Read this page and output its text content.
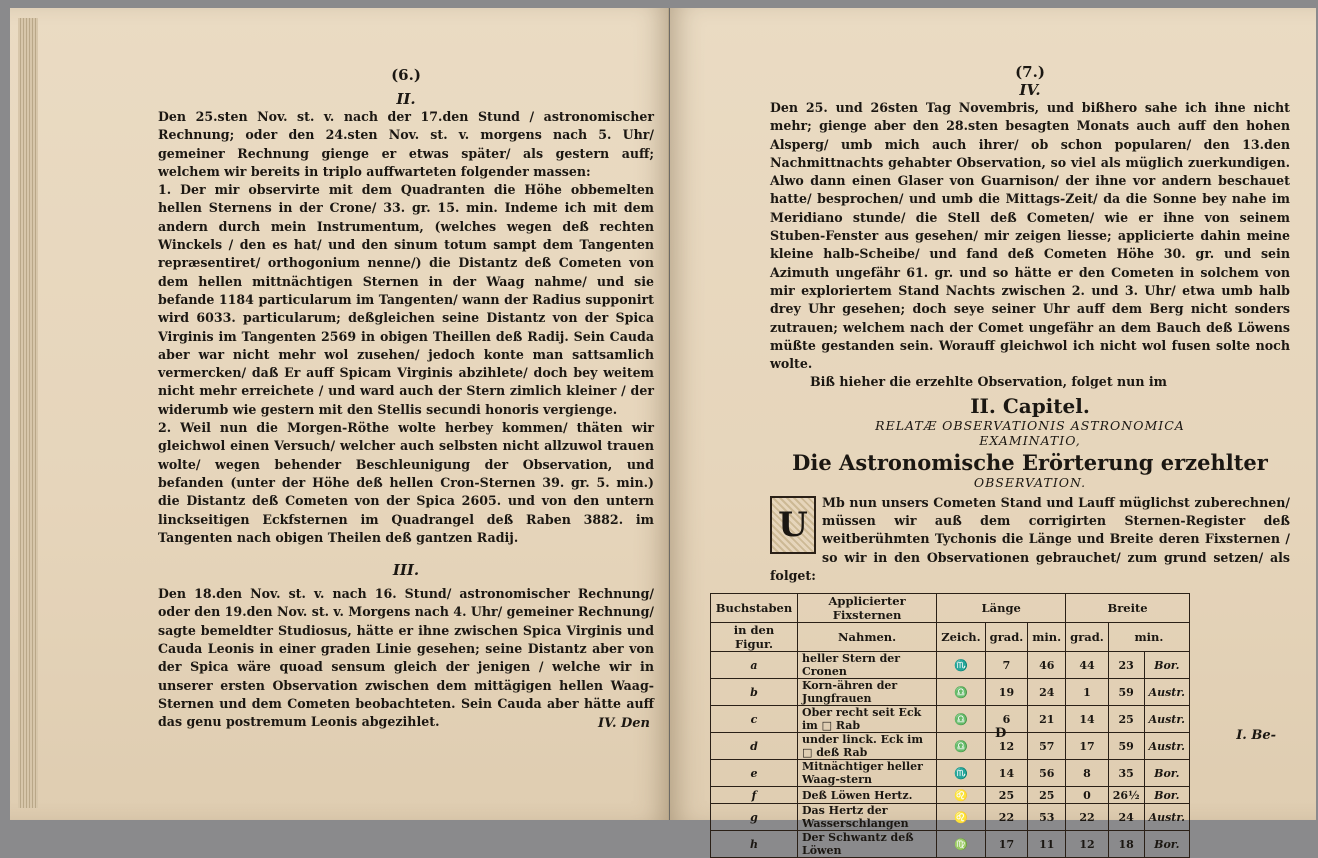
(6.)
II.

Den 25.sten Nov. st. v. nach der 17.den Stund / astronomischer Rechnung; oder den 24.sten Nov. st. v. morgens nach 5. Uhr/ gemeiner Rechnung gienge er etwas später/ als gestern auff; welchem wir bereits in triplo auffwarteten folgender massen:

1. Der mir observirte mit dem Quadranten die Höhe obbemelten hellen Sternens in der Crone/ 33. gr. 15. min. Indeme ich mit dem andern durch mein Instrumentum, (welches wegen deß rechten Winckels / den es hat/ und den sinum totum sampt dem Tangenten repræsentiret/ orthogonium nenne/) die Distantz deß Cometen von dem hellen mittnächtigen Sternen in der Waag nahme/ und sie befande 1184 particularum im Tangenten/ wann der Radius supponirt wird 6033. particularum; deßgleichen seine Distantz von der Spica Virginis im Tangenten 2569 in obigen Theillen deß Radij. Sein Cauda aber war nicht mehr wol zusehen/ jedoch konte man sattsamlich vermercken/ daß Er auff Spicam Virginis abzihlete/ doch bey weitem nicht mehr erreichete / und ward auch der Stern zimlich kleiner / der widerumb wie gestern mit den Stellis secundi honoris vergienge.

2. Weil nun die Morgen-Röthe wolte herbey kommen/ thäten wir gleichwol einen Versuch/ welcher auch selbsten nicht allzuwol trauen wolte/ wegen behender Beschleunigung der Observation, und befanden (unter der Höhe deß hellen Cron-Sternen 39. gr. 5. min.) die Distantz deß Cometen von der Spica 2605. und von den untern linckseitigen Eckfsternen im Quadrangel deß Raben 3882. im Tangenten nach obigen Theilen deß gantzen Radij.

III.

Den 18.den Nov. st. v. nach 16. Stund/ astronomischer Rechnung/ oder den 19.den Nov. st. v. Morgens nach 4. Uhr/ gemeiner Rechnung/ sagte bemeldter Studiosus, hätte er ihne zwischen Spica Virginis und Cauda Leonis in einer graden Linie gesehen; seine Distantz aber von der Spica wäre quoad sensum gleich der jenigen / welche wir in unserer ersten Observation zwischen dem mittägigen hellen Waag-Sternen und dem Cometen beobachteten. Sein Cauda aber hätte auff das genu postremum Leonis abgezihlet.	IV. Den
(7.)
IV.

Den 25. und 26sten Tag Novembris, und bißhero sahe ich ihne nicht mehr; gienge aber den 28.sten besagten Monats auch auff den hohen Alsperg/ umb mich auch ihrer/ ob schon popularen/ den 13.den Nachmittnachts gehabter Observation, so viel als müglich zuerkundigen. Alwo dann einen Glaser von Guarnison/ der ihne vor andern beschauet hatte/ besprochen/ und umb die Mittags-Zeit/ da die Sonne bey nahe im Meridiano stunde/ die Stell deß Cometen/ wie er ihne von seinem Stuben-Fenster aus gesehen/ mir zeigen liesse; applicierte dahin meine kleine halb-Scheibe/ und fand deß Cometen Höhe 30. gr. und sein Azimuth ungefähr 61. gr. und so hätte er den Cometen in solchem von mir exploriertem Stand Nachts zwischen 2. und 3. Uhr/ etwa umb halb drey Uhr gesehen; doch seye seiner Uhr auff dem Berg nicht sonders zutrauen; welchem nach der Comet ungefähr an dem Bauch deß Löwens müßte gestanden sein. Worauff gleichwol ich nicht wol fusen solte noch wolte.

Biß hieher die erzehlte Observation, folget nun im

II. Capitel.
RELATÆ OBSERVATIONIS ASTRONOMICA
EXAMINATIO,
Die Astronomische Erörterung erzehlter
OBSERVATION.
U

Mb nun unsers Cometen Stand und Lauff müglichst zuberechnen/ müssen wir auß dem corrigirten Sternen-Register deß weitberühmten Tychonis die Länge und Breite deren Fixsternen / so wir in den Observationen gebrauchet/ zum grund setzen/ als folget:

Buchstaben	Applicierter Fixsternen	Länge			Breite		
in den Figur.	Nahmen.	Zeich.	grad.	min.	grad.	min.	
a	heller Stern der Cronen	♏	7	46	44	23	Bor.
b	Korn-ähren der Jungfrauen	♎	19	24	1	59	Austr.
c	Ober recht seit Eck im □ Rab	♎	6	21	14	25	Austr.
d	under linck. Eck im □ deß Rab	♎	12	57	17	59	Austr.
e	Mitnächtiger heller Waag-stern	♏	14	56	8	35	Bor.
f	Deß Löwen Hertz.	♌	25	25	0	26½	Bor.
g	Das Hertz der Wasserschlangen	♌	22	53	22	24	Austr.
h	Der Schwantz deß Löwen	♍	17	11	12	18	Bor.
D	I. Be-
